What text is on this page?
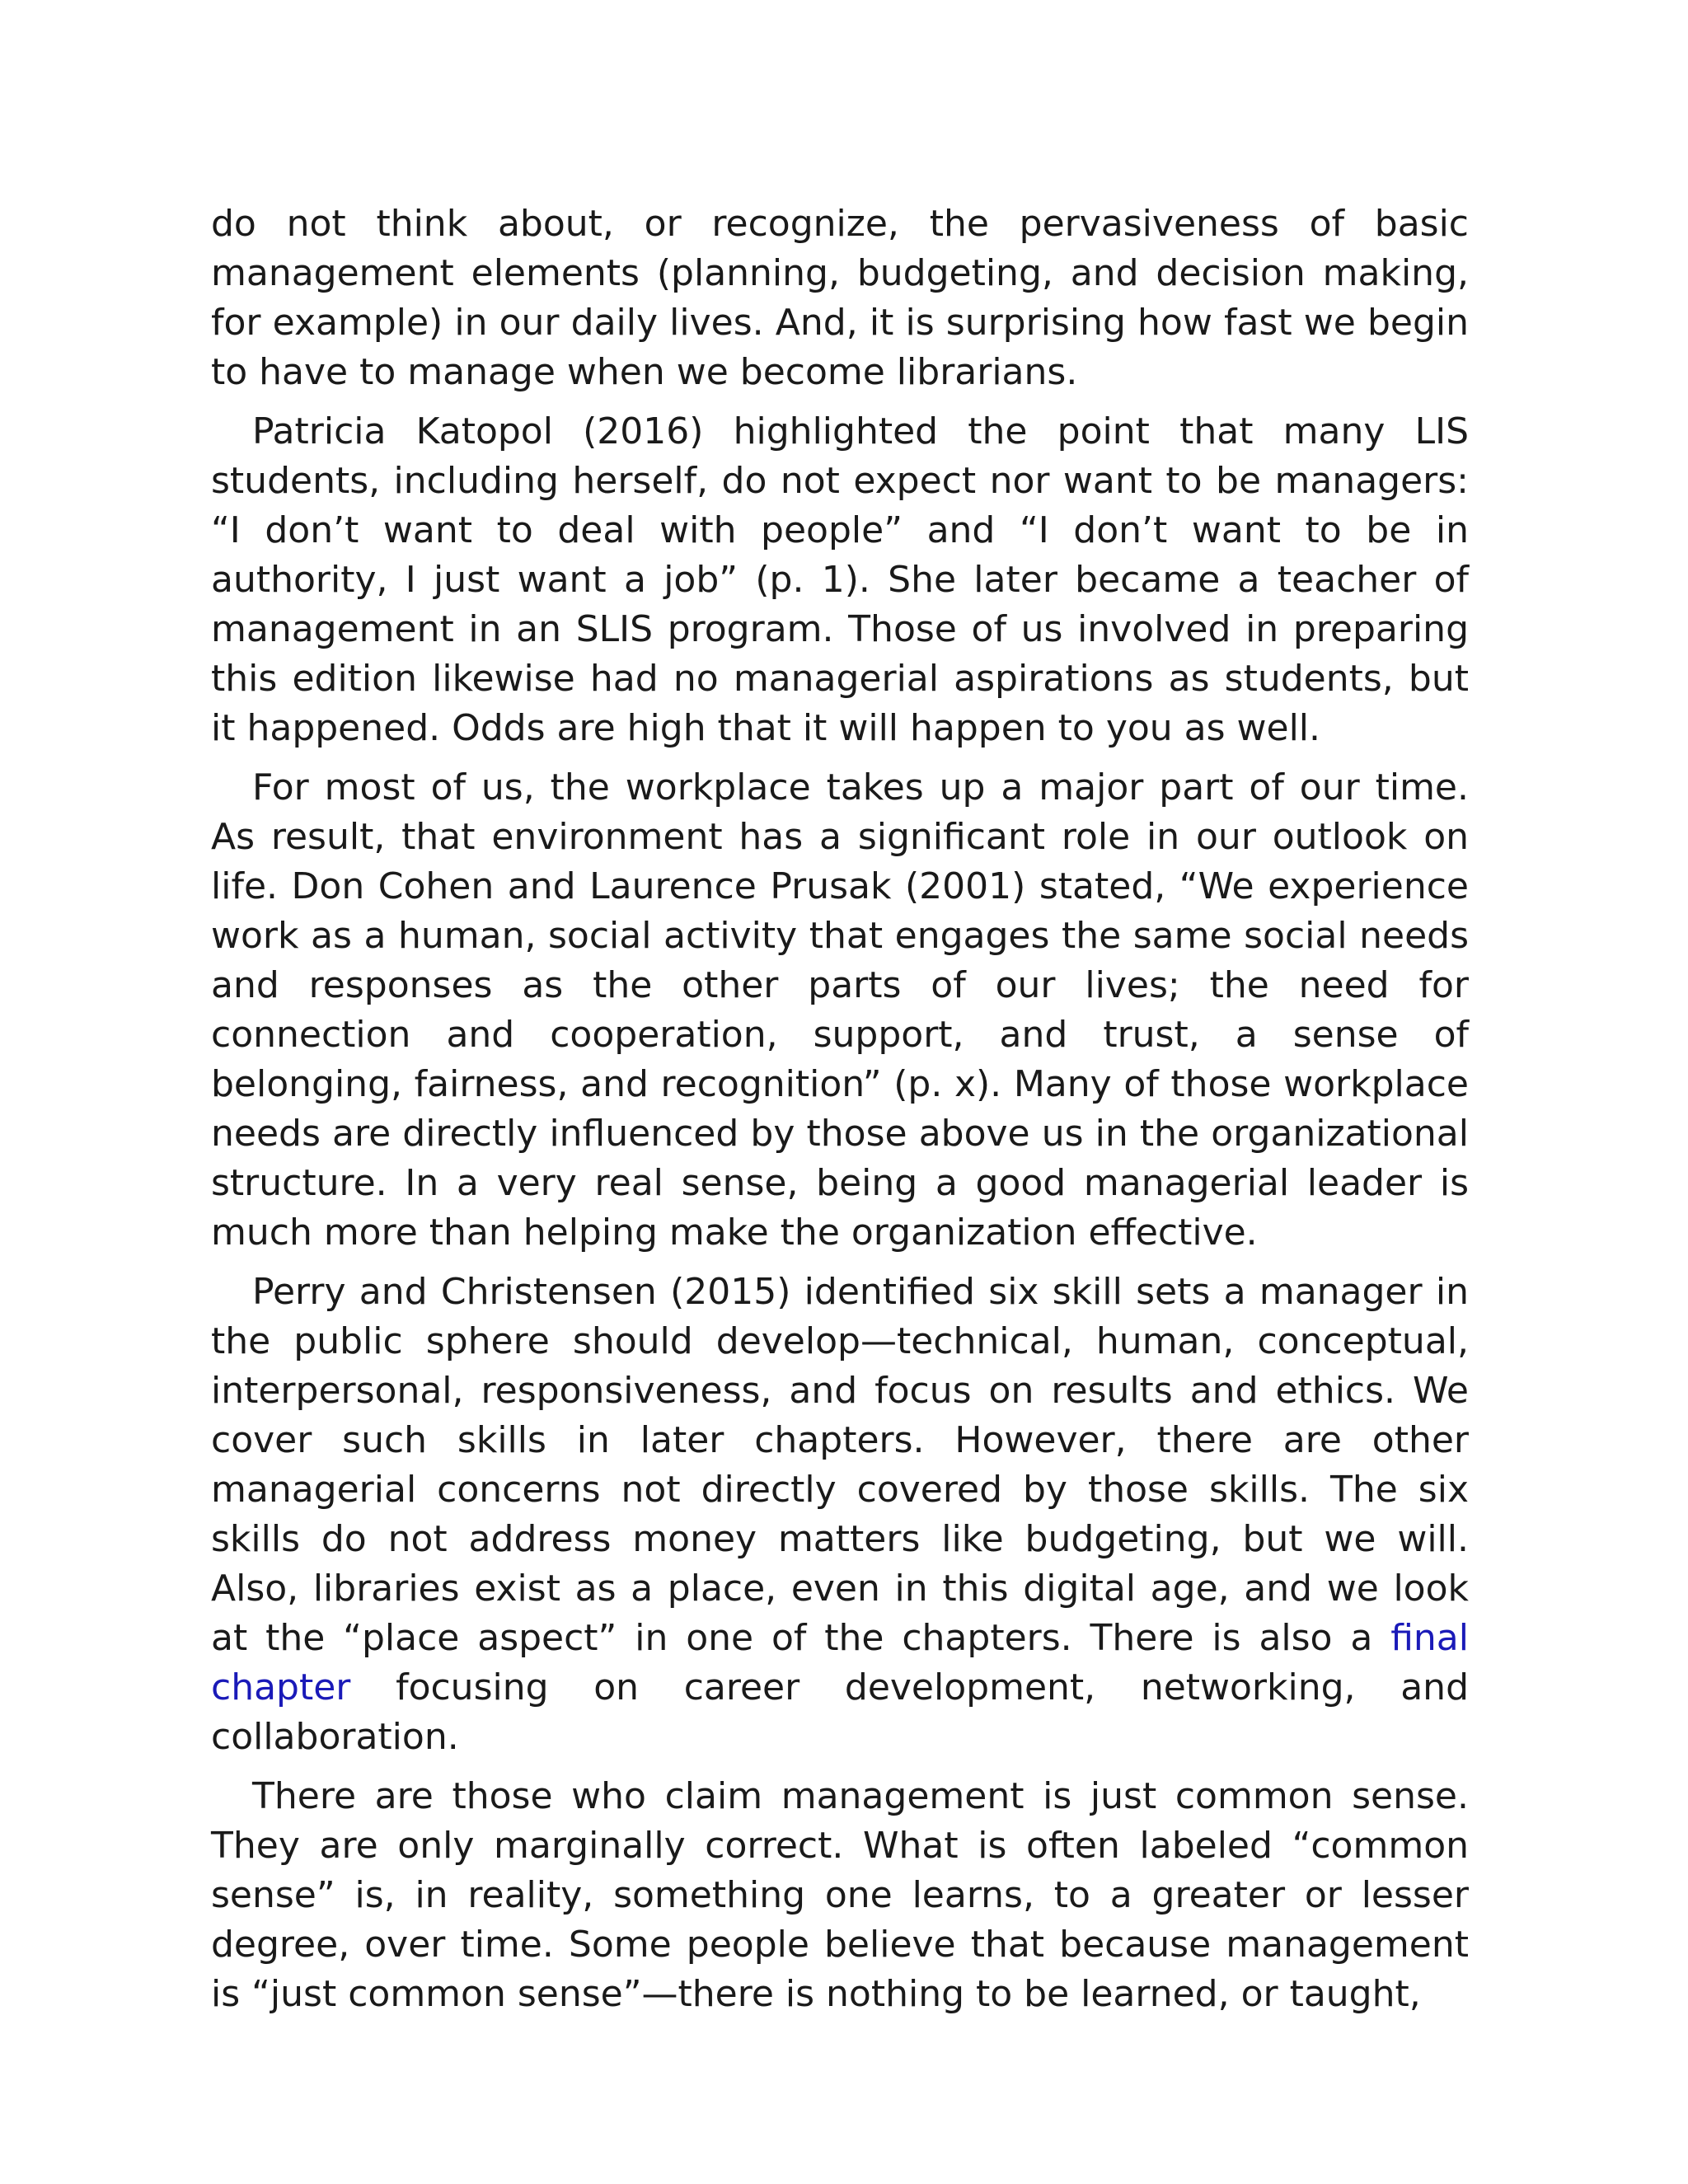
do not think about, or recognize, the pervasiveness of basic management elements (planning, budgeting, and decision making, for example) in our daily lives. And, it is surprising how fast we begin to have to manage when we become librarians.

Patricia Katopol (2016) highlighted the point that many LIS students, including herself, do not expect nor want to be managers: “I don’t want to deal with people” and “I don’t want to be in authority, I just want a job” (p. 1). She later became a teacher of management in an SLIS program. Those of us involved in preparing this edition likewise had no managerial aspirations as students, but it happened. Odds are high that it will happen to you as well.

For most of us, the workplace takes up a major part of our time. As result, that environment has a significant role in our outlook on life. Don Cohen and Laurence Prusak (2001) stated, “We experience work as a human, social activity that engages the same social needs and responses as the other parts of our lives; the need for connection and cooperation, support, and trust, a sense of belonging, fairness, and recognition” (p. x). Many of those workplace needs are directly influenced by those above us in the organizational structure. In a very real sense, being a good managerial leader is much more than helping make the organization effective.

Perry and Christensen (2015) identified six skill sets a manager in the public sphere should develop—technical, human, conceptual, interpersonal, responsiveness, and focus on results and ethics. We cover such skills in later chapters. However, there are other managerial concerns not directly covered by those skills. The six skills do not address money matters like budgeting, but we will. Also, libraries exist as a place, even in this digital age, and we look at the “place aspect” in one of the chapters. There is also a final chapter focusing on career development, networking, and collaboration.

There are those who claim management is just common sense. They are only marginally correct. What is often labeled “common sense” is, in reality, something one learns, to a greater or lesser degree, over time. Some people believe that because management is “just common sense”—there is nothing to be learned, or taught,
